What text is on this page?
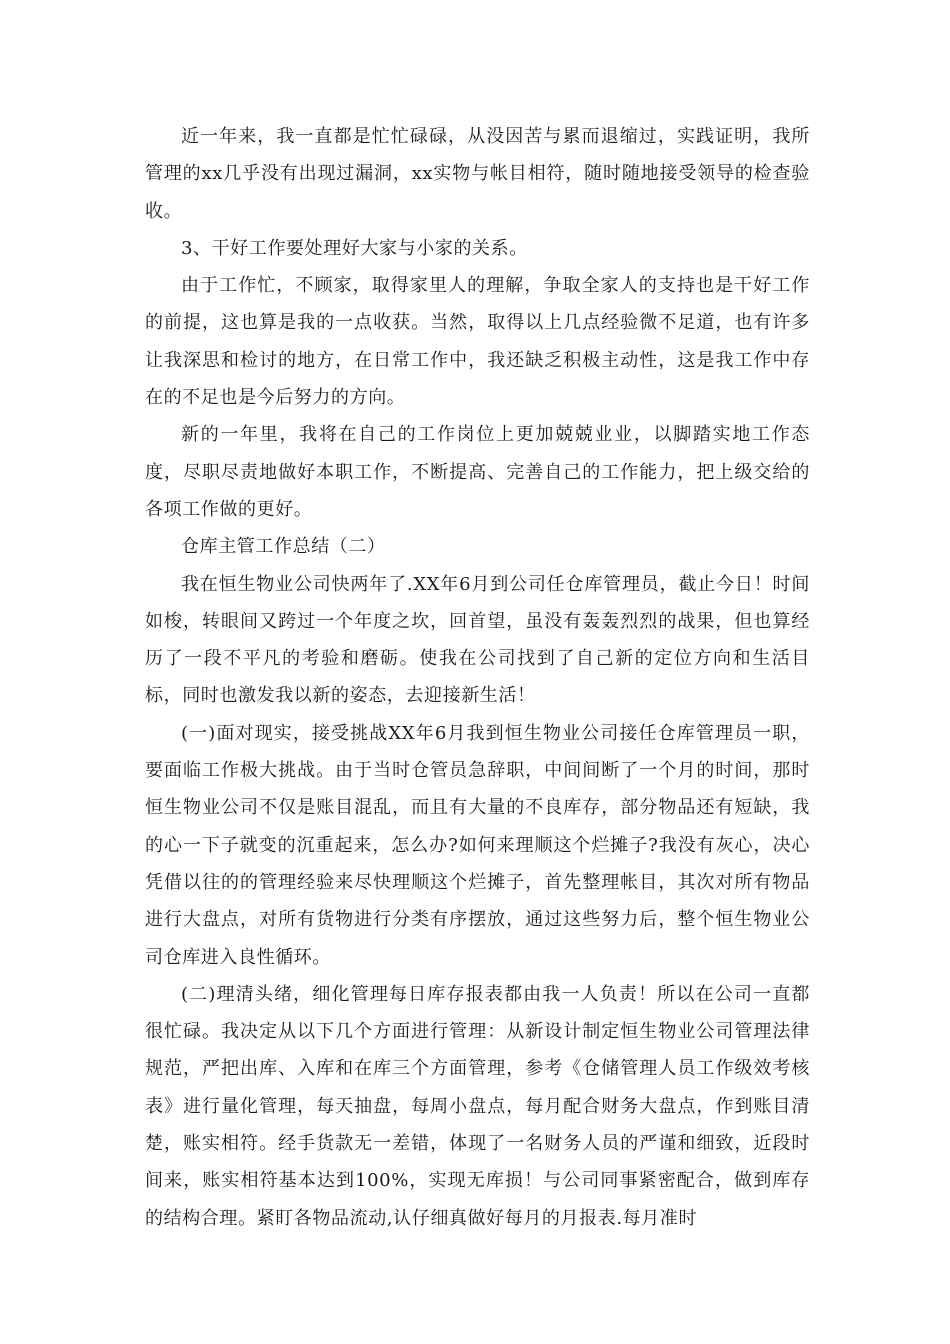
近一年来，我一直都是忙忙碌碌，从没因苦与累而退缩过，实践证明，我所管理的xx几乎没有出现过漏洞，xx实物与帐目相符，随时随地接受领导的检查验收。

3、干好工作要处理好大家与小家的关系。

由于工作忙，不顾家，取得家里人的理解，争取全家人的支持也是干好工作的前提，这也算是我的一点收获。当然，取得以上几点经验微不足道，也有许多让我深思和检讨的地方，在日常工作中，我还缺乏积极主动性，这是我工作中存在的不足也是今后努力的方向。

新的一年里，我将在自己的工作岗位上更加兢兢业业，以脚踏实地工作态度，尽职尽责地做好本职工作，不断提高、完善自己的工作能力，把上级交给的各项工作做的更好。

仓库主管工作总结（二）

我在恒生物业公司快两年了.XX年6月到公司任仓库管理员，截止今日！时间如梭，转眼间又跨过一个年度之坎，回首望，虽没有轰轰烈烈的战果，但也算经历了一段不平凡的考验和磨砺。使我在公司找到了自己新的定位方向和生活目标，同时也激发我以新的姿态，去迎接新生活！

(一)面对现实，接受挑战XX年6月我到恒生物业公司接任仓库管理员一职，要面临工作极大挑战。由于当时仓管员急辞职，中间间断了一个月的时间，那时恒生物业公司不仅是账目混乱，而且有大量的不良库存，部分物品还有短缺，我的心一下子就变的沉重起来，怎么办?如何来理顺这个烂摊子?我没有灰心，决心凭借以往的的管理经验来尽快理顺这个烂摊子，首先整理帐目，其次对所有物品进行大盘点，对所有货物进行分类有序摆放，通过这些努力后，整个恒生物业公司仓库进入良性循环。

(二)理清头绪，细化管理每日库存报表都由我一人负责！所以在公司一直都很忙碌。我决定从以下几个方面进行管理：从新设计制定恒生物业公司管理法律规范，严把出库、入库和在库三个方面管理，参考《仓储管理人员工作级效考核表》进行量化管理，每天抽盘，每周小盘点，每月配合财务大盘点，作到账目清楚，账实相符。经手货款无一差错，体现了一名财务人员的严谨和细致，近段时间来，账实相符基本达到100%，实现无库损！与公司同事紧密配合，做到库存的结构合理。紧盯各物品流动,认仔细真做好每月的月报表.每月准时
